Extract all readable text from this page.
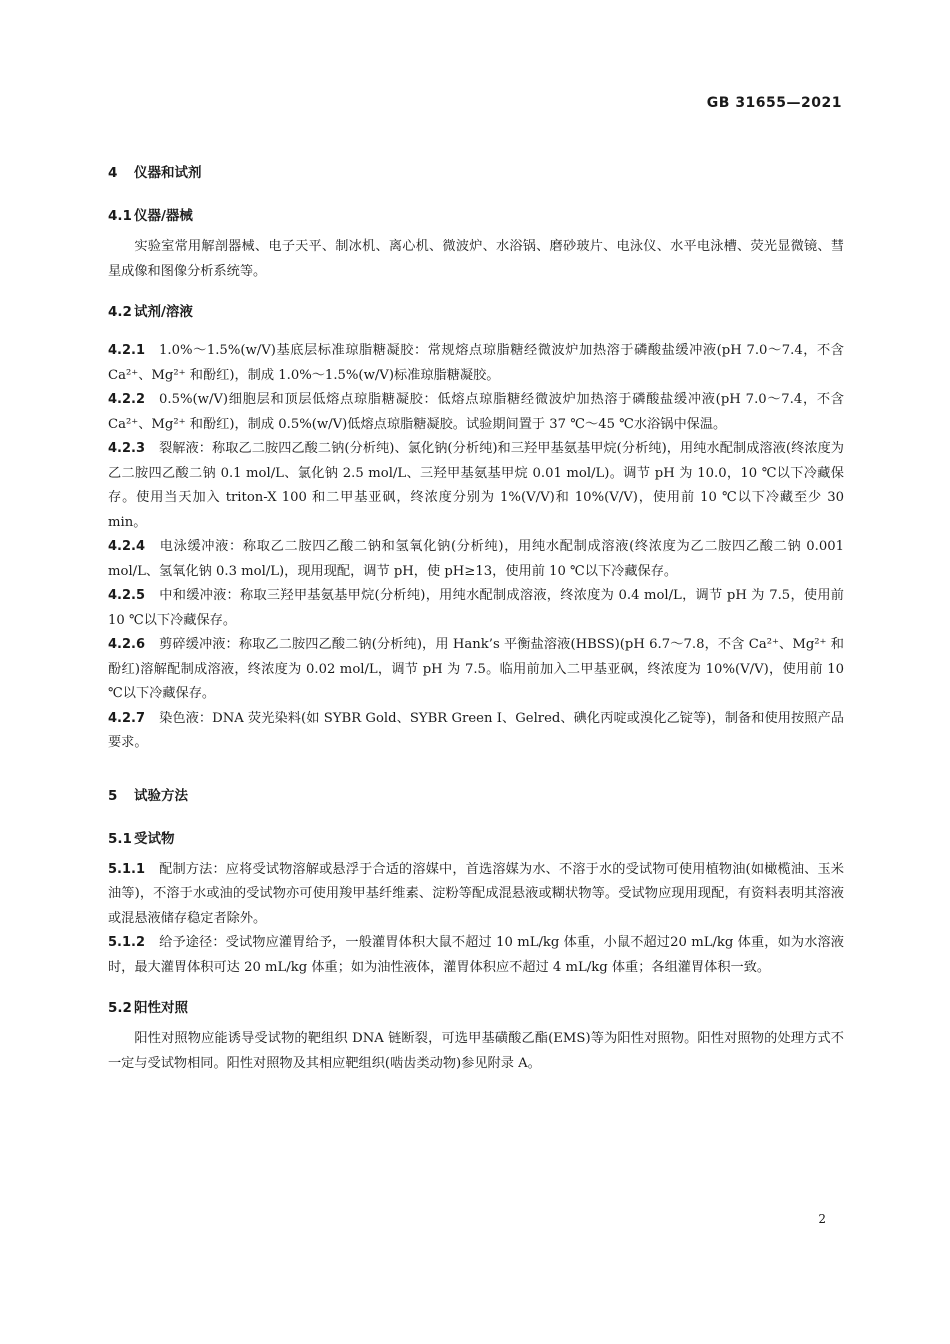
GB 31655—2021
4 仪器和试剂
4.1 仪器/器械

实验室常用解剖器械、电子天平、制冰机、离心机、微波炉、水浴锅、磨砂玻片、电泳仪、水平电泳槽、荧光显微镜、彗星成像和图像分析系统等。

4.2 试剂/溶液

4.2.1 1.0%～1.5%(w/V)基底层标准琼脂糖凝胶：常规熔点琼脂糖经微波炉加热溶于磷酸盐缓冲液(pH 7.0～7.4，不含 Ca²⁺、Mg²⁺ 和酚红)，制成 1.0%～1.5%(w/V)标准琼脂糖凝胶。

4.2.2 0.5%(w/V)细胞层和顶层低熔点琼脂糖凝胶：低熔点琼脂糖经微波炉加热溶于磷酸盐缓冲液(pH 7.0～7.4，不含 Ca²⁺、Mg²⁺ 和酚红)，制成 0.5%(w/V)低熔点琼脂糖凝胶。试验期间置于 37 ℃～45 ℃水浴锅中保温。

4.2.3 裂解液：称取乙二胺四乙酸二钠(分析纯)、氯化钠(分析纯)和三羟甲基氨基甲烷(分析纯)，用纯水配制成溶液(终浓度为乙二胺四乙酸二钠 0.1 mol/L、氯化钠 2.5 mol/L、三羟甲基氨基甲烷 0.01 mol/L)。调节 pH 为 10.0，10 ℃以下冷藏保存。使用当天加入 triton-X 100 和二甲基亚砜，终浓度分别为 1%(V/V)和 10%(V/V)，使用前 10 ℃以下冷藏至少 30 min。

4.2.4 电泳缓冲液：称取乙二胺四乙酸二钠和氢氧化钠(分析纯)，用纯水配制成溶液(终浓度为乙二胺四乙酸二钠 0.001 mol/L、氢氧化钠 0.3 mol/L)，现用现配，调节 pH，使 pH≥13，使用前 10 ℃以下冷藏保存。

4.2.5 中和缓冲液：称取三羟甲基氨基甲烷(分析纯)，用纯水配制成溶液，终浓度为 0.4 mol/L，调节 pH 为 7.5，使用前 10 ℃以下冷藏保存。

4.2.6 剪碎缓冲液：称取乙二胺四乙酸二钠(分析纯)，用 Hank’s 平衡盐溶液(HBSS)(pH 6.7～7.8，不含 Ca²⁺、Mg²⁺ 和酚红)溶解配制成溶液，终浓度为 0.02 mol/L，调节 pH 为 7.5。临用前加入二甲基亚砜，终浓度为 10%(V/V)，使用前 10 ℃以下冷藏保存。

4.2.7 染色液：DNA 荧光染料(如 SYBR Gold、SYBR Green I、Gelred、碘化丙啶或溴化乙锭等)，制备和使用按照产品要求。

5 试验方法
5.1 受试物

5.1.1 配制方法：应将受试物溶解或悬浮于合适的溶媒中，首选溶媒为水、不溶于水的受试物可使用植物油(如橄榄油、玉米油等)，不溶于水或油的受试物亦可使用羧甲基纤维素、淀粉等配成混悬液或糊状物等。受试物应现用现配，有资料表明其溶液或混悬液储存稳定者除外。

5.1.2 给予途径：受试物应灌胃给予，一般灌胃体积大鼠不超过 10 mL/kg 体重，小鼠不超过20 mL/kg 体重，如为水溶液时，最大灌胃体积可达 20 mL/kg 体重；如为油性液体，灌胃体积应不超过 4 mL/kg 体重；各组灌胃体积一致。

5.2 阳性对照

阳性对照物应能诱导受试物的靶组织 DNA 链断裂，可选甲基磺酸乙酯(EMS)等为阳性对照物。阳性对照物的处理方式不一定与受试物相同。阳性对照物及其相应靶组织(啮齿类动物)参见附录 A。

2
